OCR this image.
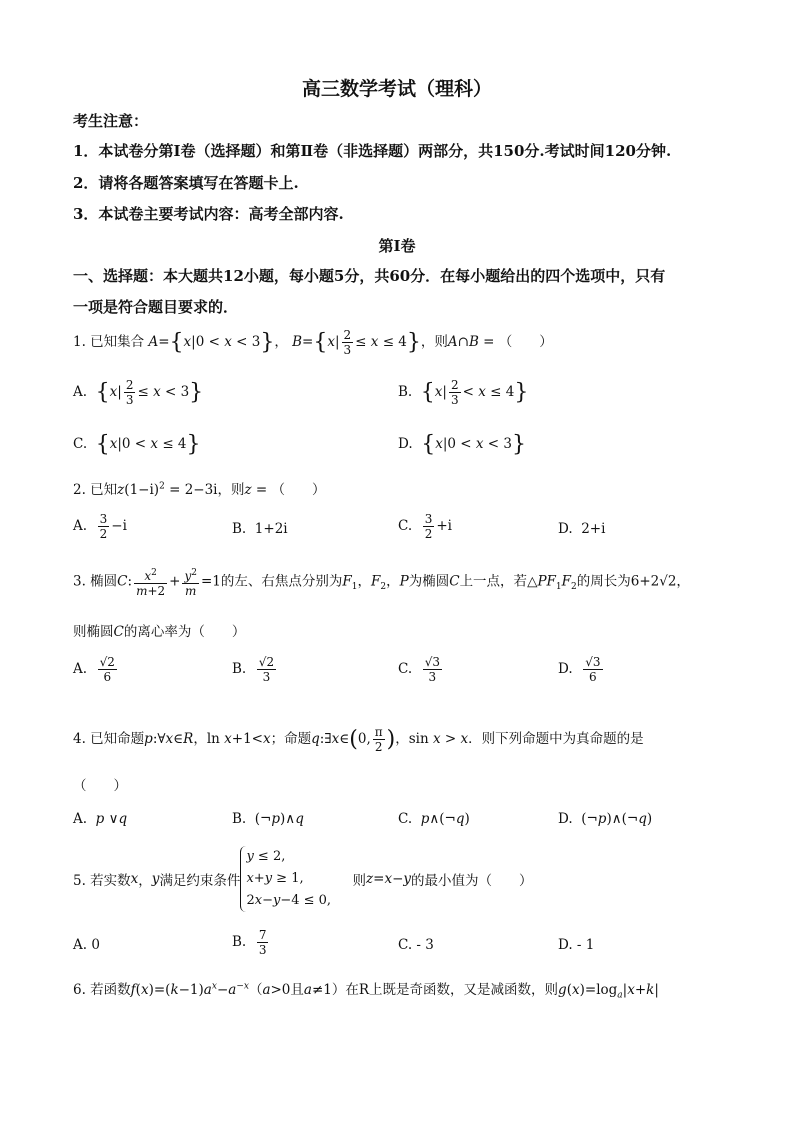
高三数学考试（理科）
考生注意：
1．本试卷分第Ⅰ卷（选择题）和第Ⅱ卷（非选择题）两部分，共150分.考试时间120分钟.
2．请将各题答案填写在答题卡上.
3．本试卷主要考试内容：高考全部内容.
第Ⅰ卷
一、选择题：本大题共12小题，每小题5分，共60分．在每小题给出的四个选项中，只有
一项是符合题目要求的．
1. 已知集合 A={x|0 < x < 3}， $B=\{x| \frac{2}{3} \le x \le 4\}$，则A∩B = （　　）
A.  $\{x| \frac{2}{3} \le x < 3\}$	B.  $\{x| \frac{2}{3} < x \le 4\}$
C.  {x|0 < x ≤ 4}	D.  {x|0 < x < 3}
2. 已知$z(1-i)^2 = 2-3i$，则z = （　　）
A. $\frac{3}{2} -i$	B.  1+2i	C. $\frac{3}{2} +i$	D.  2+i
3. 椭圆C: $\frac{x^2}{m+2} + \frac{y^2}{m} =1$的左、右焦点分别为$F_1$，$F_2$，P为椭圆C上一点，若$\triangle PF_1F_2$的周长为6+2√2，
则椭圆C的离心率为（　　）
A. $\frac{√2}{6}$	B. $\frac{√2}{3}$	C. $\frac{√3}{3}$	D. $\frac{√3}{6}$
4. 已知命题p:∀x∈R，ln x+1<x；命题q:∃x∈(0, $\frac{\pi}{2}$ )，sin x > x．则下列命题中为真命题的是
（　　）
A.  p ∨q	B.  (¬p)∧q	C.  p∧(¬q)	D.  (¬p)∧(¬q)
5. 若实数x，y满足约束条件y ≤ 2,
x+y ≥ 1,
2x−y−4 ≤ 0,     则z=x−y的最小值为（　　）
A. 0	B. $\frac{7}{3}$	C. - 3	D. - 1
6. 若函数$f(x)=(k-1)a^x-a^{-x}(a>0$且a≠1）在R上既是奇函数，又是减函数，则$g(x)=\log_a|x+k|$
